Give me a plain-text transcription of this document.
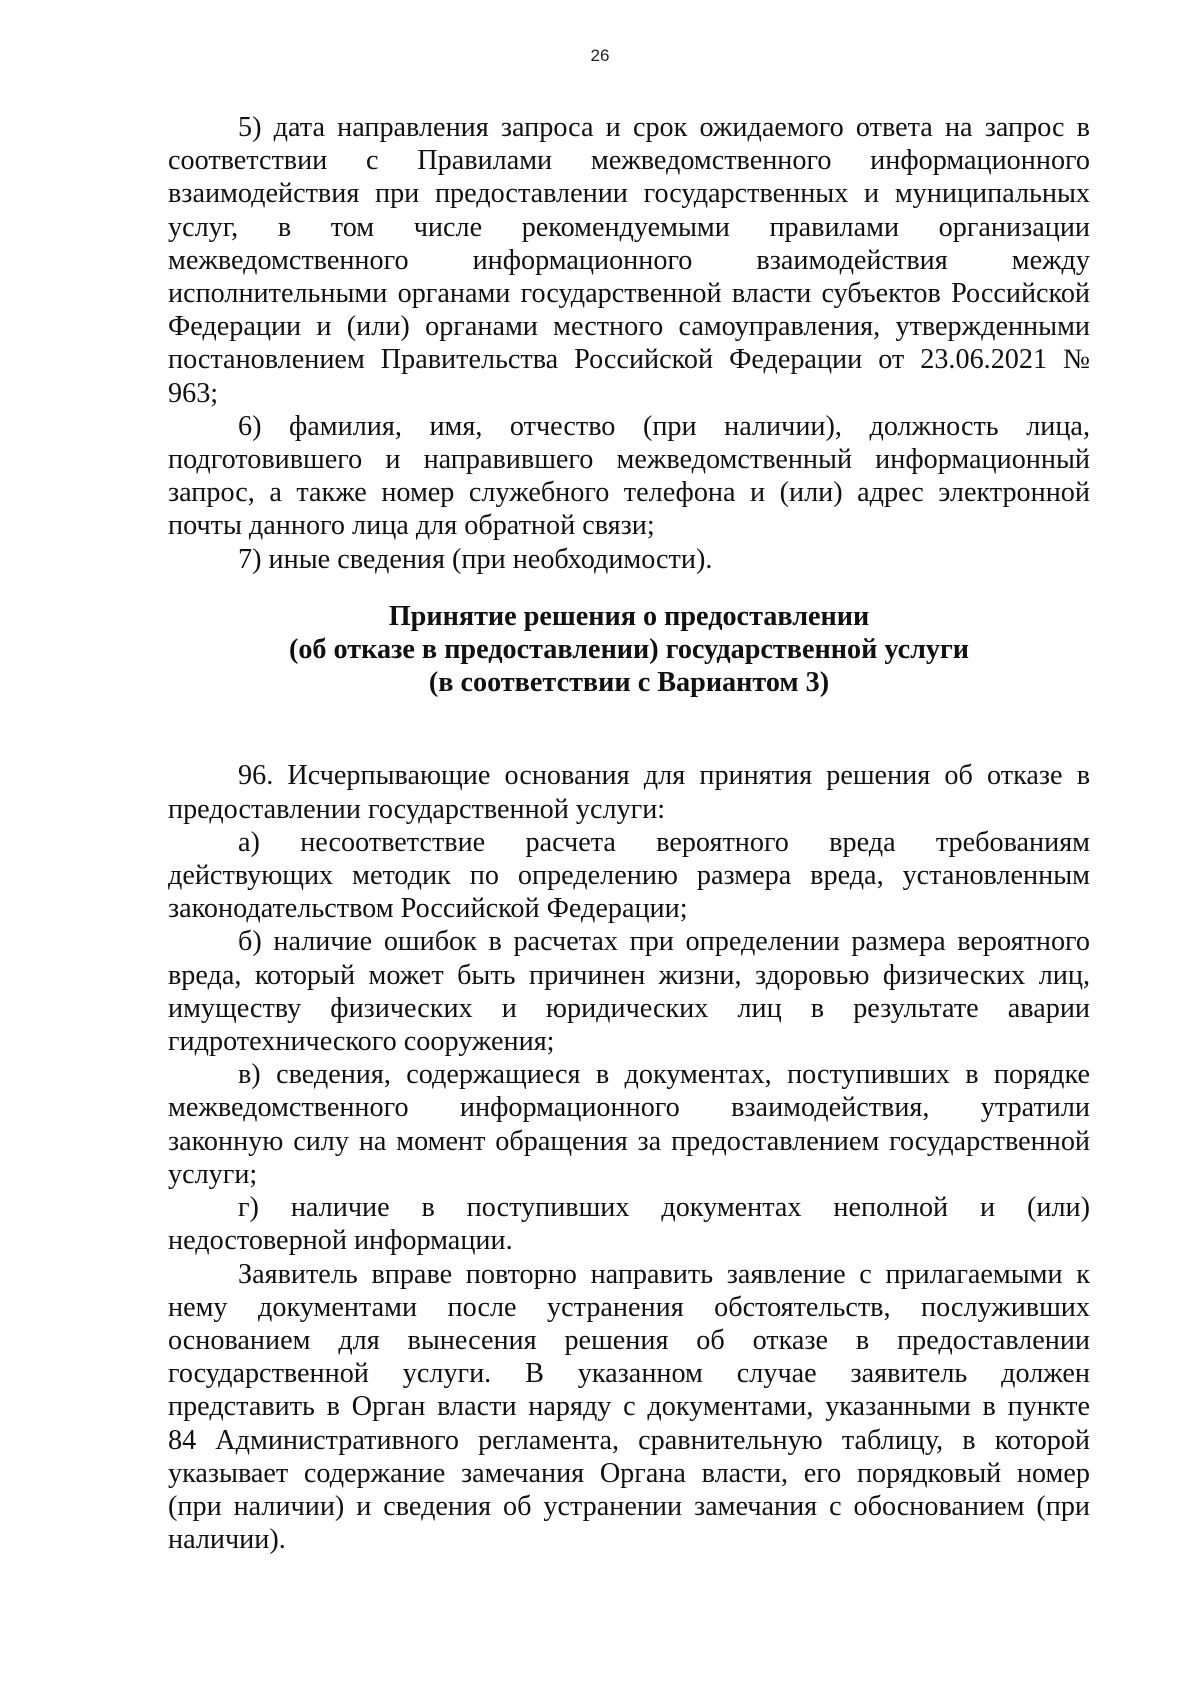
26

5) дата направления запроса и срок ожидаемого ответа на запрос в

соответствии с Правилами межведомственного информационного

взаимодействия при предоставлении государственных и муниципальных

услуг, в том числе рекомендуемыми правилами организации

межведомственного информационного взаимодействия между

исполнительными органами государственной власти субъектов Российской

Федерации и (или) органами местного самоуправления, утвержденными

постановлением Правительства Российской Федерации от 23.06.2021 №

963;

6) фамилия, имя, отчество (при наличии), должность лица,

подготовившего и направившего межведомственный информационный

запрос, а также номер служебного телефона и (или) адрес электронной

почты данного лица для обратной связи;

7) иные сведения (при необходимости).

Принятие решения о предоставлении

(об отказе в предоставлении) государственной услуги

(в соответствии с Вариантом 3)

96. Исчерпывающие основания для принятия решения об отказе в

предоставлении государственной услуги:

а) несоответствие расчета вероятного вреда требованиям

действующих методик по определению размера вреда, установленным

законодательством Российской Федерации;

б) наличие ошибок в расчетах при определении размера вероятного

вреда, который может быть причинен жизни, здоровью физических лиц,

имуществу физических и юридических лиц в результате аварии

гидротехнического сооружения;

в) сведения, содержащиеся в документах, поступивших в порядке

межведомственного информационного взаимодействия, утратили

законную силу на момент обращения за предоставлением государственной

услуги;

г) наличие в поступивших документах неполной и (или)

недостоверной информации.

Заявитель вправе повторно направить заявление с прилагаемыми к

нему документами после устранения обстоятельств, послуживших

основанием для вынесения решения об отказе в предоставлении

государственной услуги. В указанном случае заявитель должен

представить в Орган власти наряду с документами, указанными в пункте

84 Административного регламента, сравнительную таблицу, в которой

указывает содержание замечания Органа власти, его порядковый номер

(при наличии) и сведения об устранении замечания с обоснованием (при

наличии).
